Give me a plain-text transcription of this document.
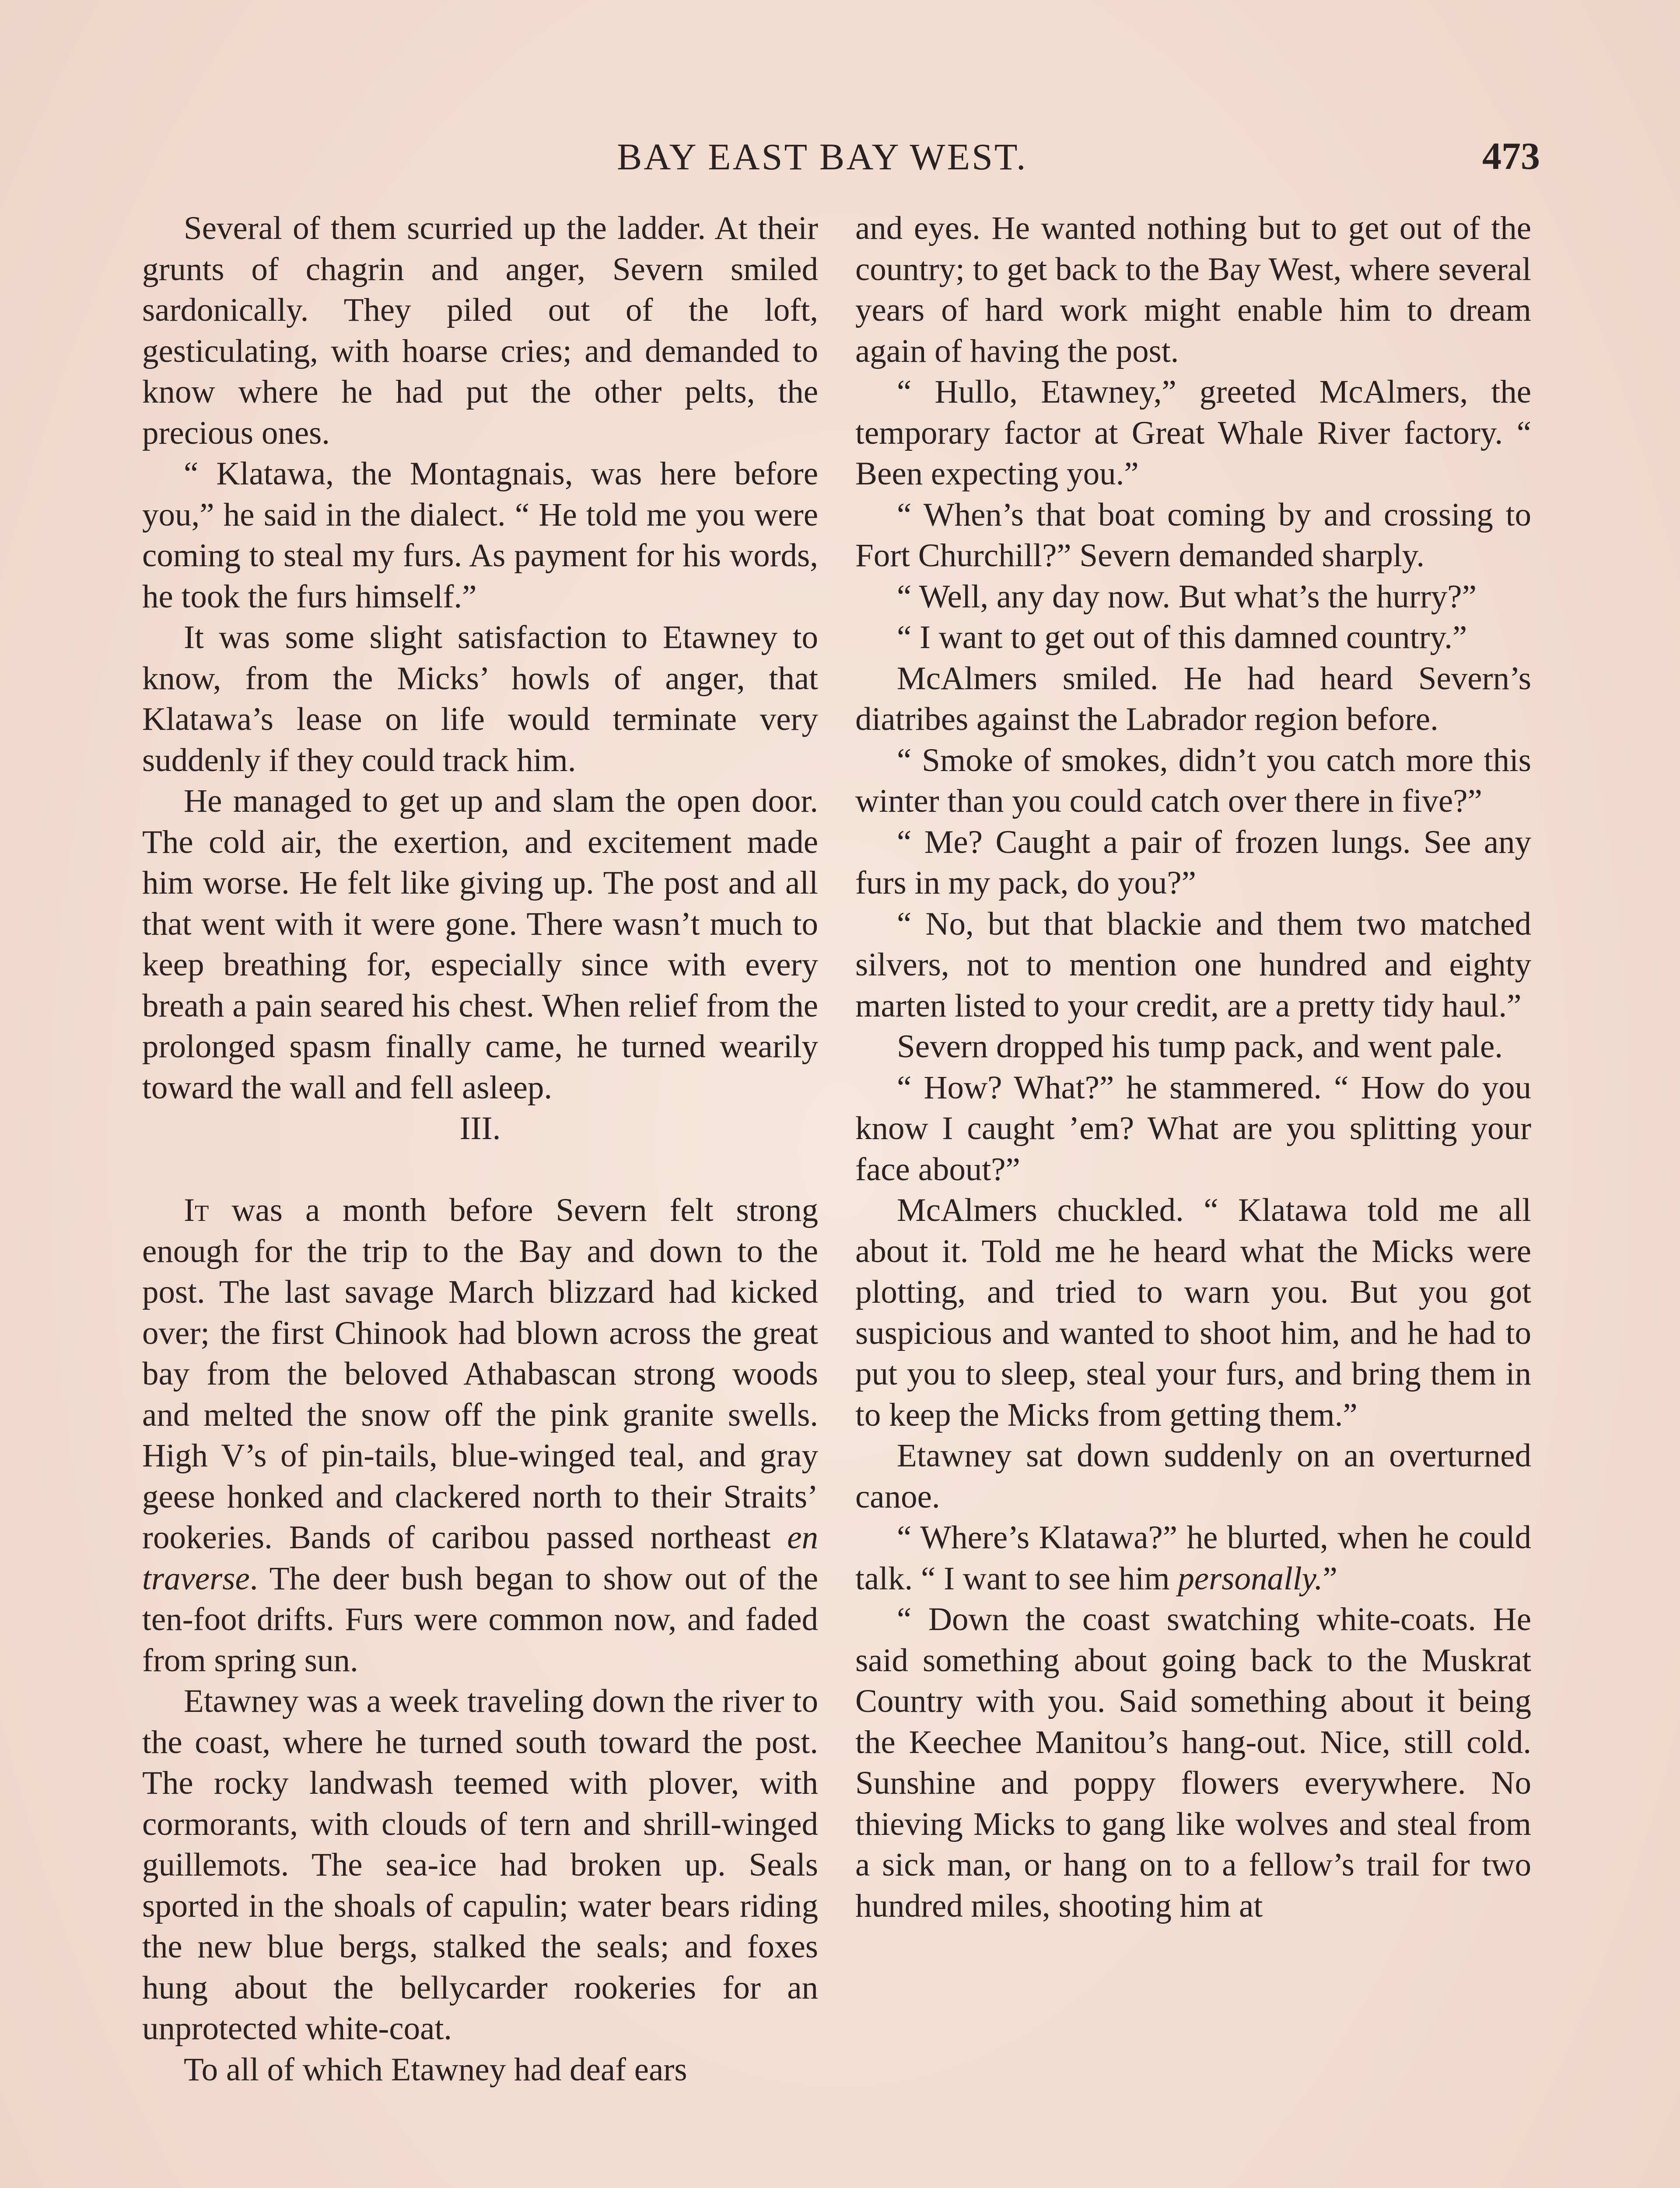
BAY EAST BAY WEST.	473

Several of them scurried up the ladder. At their grunts of chagrin and anger, Severn smiled sardonically. They piled out of the loft, gesticulating, with hoarse cries; and demanded to know where he had put the other pelts, the precious ones.

“ Klatawa, the Montagnais, was here before you,” he said in the dialect. “ He told me you were coming to steal my furs. As payment for his words, he took the furs himself.”

It was some slight satisfaction to Etawney to know, from the Micks’ howls of anger, that Klatawa’s lease on life would terminate very suddenly if they could track him.

He managed to get up and slam the open door. The cold air, the exertion, and excitement made him worse. He felt like giving up. The post and all that went with it were gone. There wasn’t much to keep breathing for, especially since with every breath a pain seared his chest. When relief from the prolonged spasm finally came, he turned wearily toward the wall and fell asleep.

III.

It was a month before Severn felt strong enough for the trip to the Bay and down to the post. The last savage March blizzard had kicked over; the first Chinook had blown across the great bay from the beloved Athabascan strong woods and melted the snow off the pink granite swells. High V’s of pin-tails, blue-winged teal, and gray geese honked and clackered north to their Straits’ rookeries. Bands of caribou passed northeast en traverse. The deer bush began to show out of the ten-foot drifts. Furs were common now, and faded from spring sun.

Etawney was a week traveling down the river to the coast, where he turned south toward the post. The rocky landwash teemed with plover, with cormorants, with clouds of tern and shrill-winged guillemots. The sea-ice had broken up. Seals sported in the shoals of capulin; water bears riding the new blue bergs, stalked the seals; and foxes hung about the bellycarder rookeries for an unprotected white-coat.

To all of which Etawney had deaf ears

and eyes. He wanted nothing but to get out of the country; to get back to the Bay West, where several years of hard work might enable him to dream again of having the post.

“ Hullo, Etawney,” greeted McAlmers, the temporary factor at Great Whale River factory. “ Been expecting you.”

“ When’s that boat coming by and crossing to Fort Churchill?” Severn demanded sharply.

“ Well, any day now. But what’s the hurry?”

“ I want to get out of this damned country.”

McAlmers smiled. He had heard Severn’s diatribes against the Labrador region before.

“ Smoke of smokes, didn’t you catch more this winter than you could catch over there in five?”

“ Me? Caught a pair of frozen lungs. See any furs in my pack, do you?”

“ No, but that blackie and them two matched silvers, not to mention one hundred and eighty marten listed to your credit, are a pretty tidy haul.”

Severn dropped his tump pack, and went pale.

“ How? What?” he stammered. “ How do you know I caught ’em? What are you splitting your face about?”

McAlmers chuckled. “ Klatawa told me all about it. Told me he heard what the Micks were plotting, and tried to warn you. But you got suspicious and wanted to shoot him, and he had to put you to sleep, steal your furs, and bring them in to keep the Micks from getting them.”

Etawney sat down suddenly on an overturned canoe.

“ Where’s Klatawa?” he blurted, when he could talk. “ I want to see him personally.”

“ Down the coast swatching white-coats. He said something about going back to the Muskrat Country with you. Said something about it being the Keechee Manitou’s hang-out. Nice, still cold. Sunshine and poppy flowers everywhere. No thieving Micks to gang like wolves and steal from a sick man, or hang on to a fellow’s trail for two hundred miles, shooting him at
